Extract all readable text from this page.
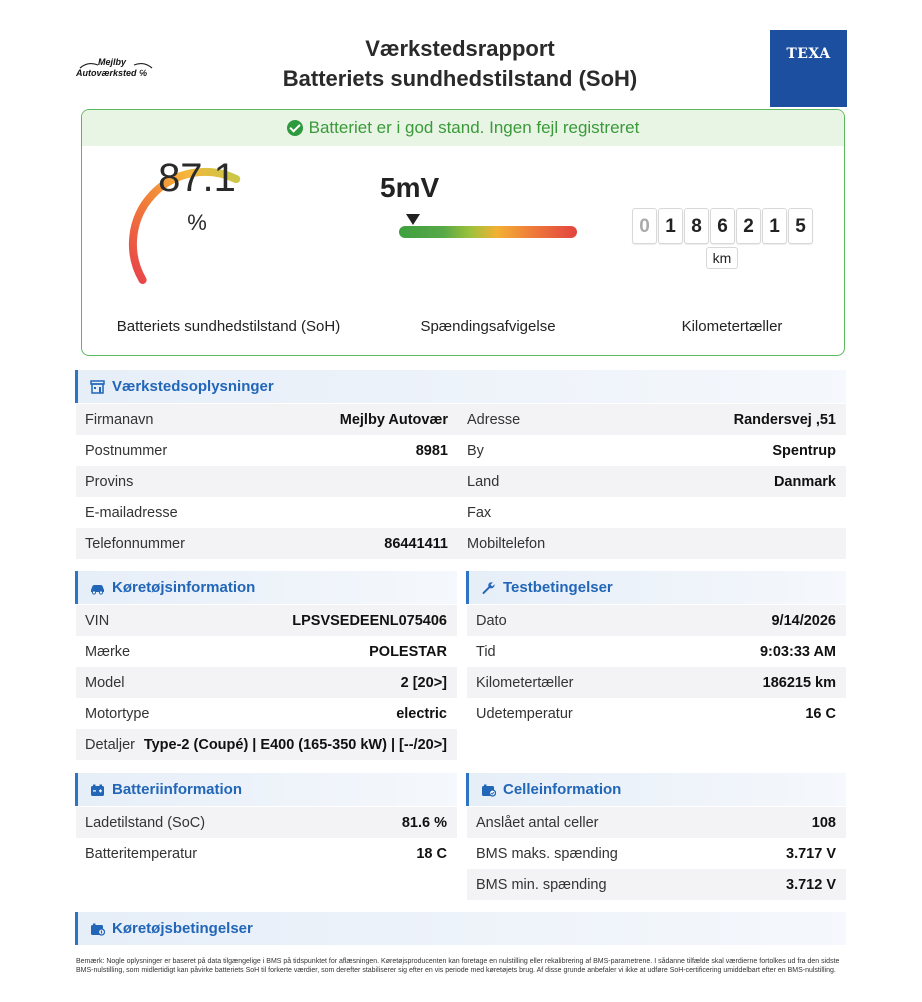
Mejlby
Autoværksted ℅
Værkstedsrapport
Batteriets sundhedstilstand (SoH)
TEXA
Batteriet er i god stand. Ingen fejl registreret
87.1
%
Batteriets sundhedstilstand (SoH)
5mV
Spændingsafvigelse
0 1 8 6 2 1 5
km
Kilometertæller
Værkstedsoplysninger
Firmanavn	Mejlby Autovær
Postnummer	8981
Provins
E-mailadresse
Telefonnummer	86441411
Adresse	Randersvej ,51
By	Spentrup
Land	Danmark
Fax
Mobiltelefon
Køretøjsinformation
VIN	LPSVSEDEENL075406
Mærke	POLESTAR
Model	2 [20>]
Motortype	electric
Detaljer Type-2 (Coupé) | E400 (165-350 kW) | [--/20>]
Testbetingelser
Dato	9/14/2026
Tid	9:03:33 AM
Kilometertæller	186215 km
Udetemperatur	16 C
Batteriinformation
Ladetilstand (SoC)	81.6 %
Batteritemperatur	18 C
Celleinformation
Anslået antal celler	108
BMS maks. spænding	3.717 V
BMS min. spænding	3.712 V
Køretøjsbetingelser
Bemærk: Nogle oplysninger er baseret på data tilgængelige i BMS på tidspunktet for aflæsningen. Køretøjsproducenten kan foretage en nulstilling eller rekalibrering af BMS-parametrene. I sådanne tilfælde skal værdierne fortolkes ud fra den sidste BMS-nulstilling, som midlertidigt kan påvirke batteriets SoH til forkerte værdier, som derefter stabiliserer sig efter en vis periode med køretøjets brug. Af disse grunde anbefaler vi ikke at udføre SoH-certificering umiddelbart efter en BMS-nulstilling.
